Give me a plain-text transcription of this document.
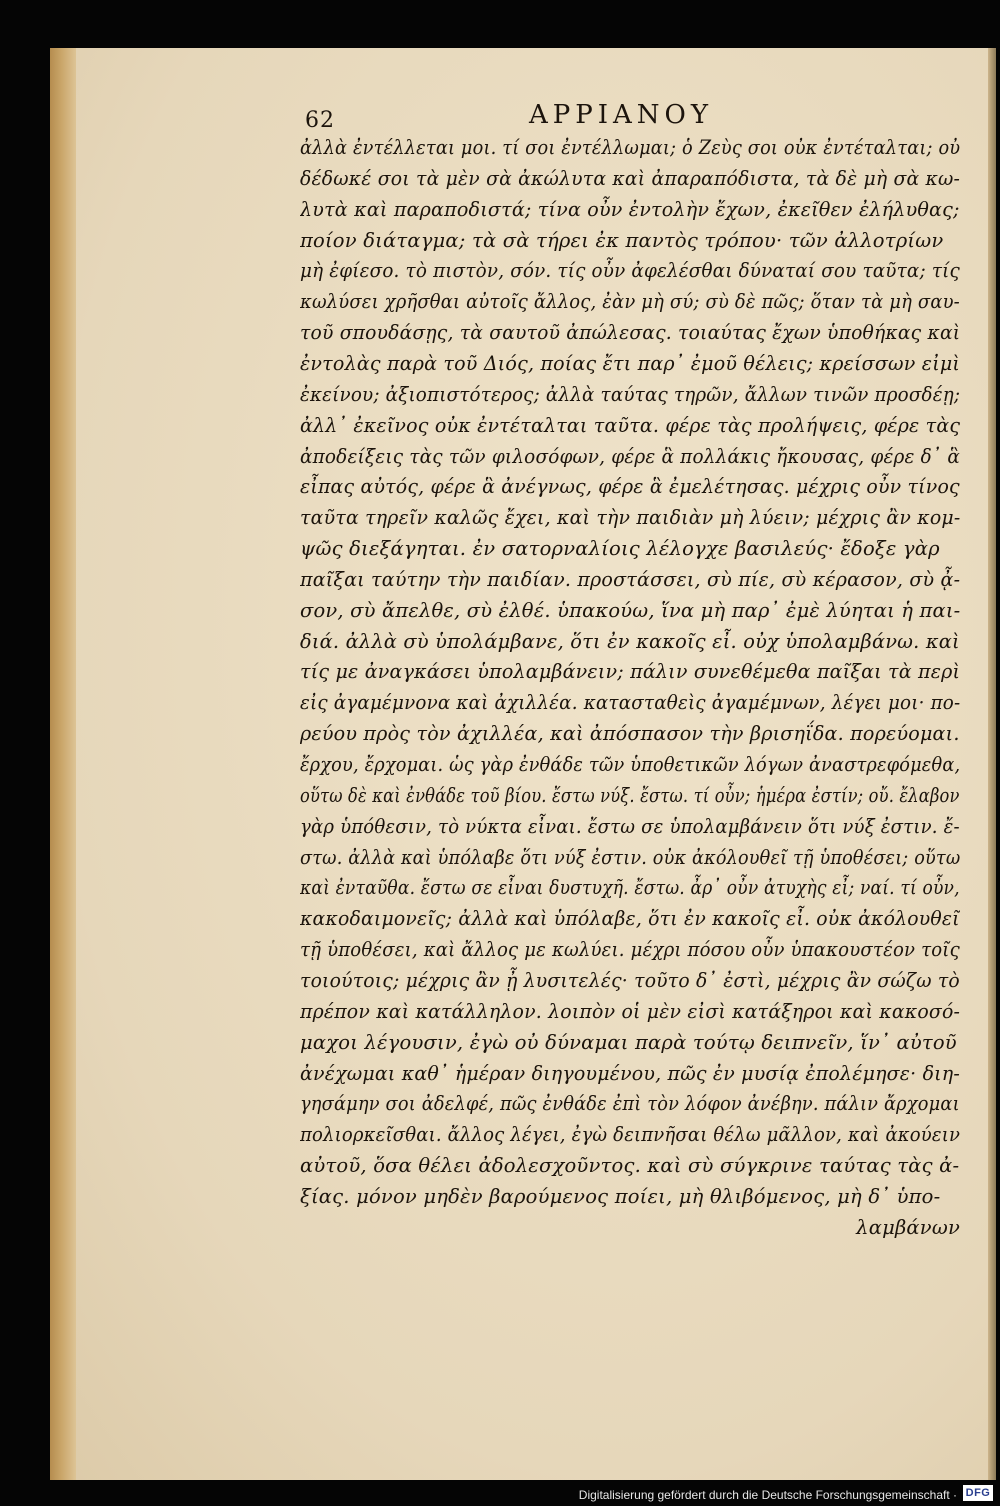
62	ΑΡΡΙΑΝΟΥ
ἀλλὰ ἐντέλλεται μοι. τί σοι ἐντέλλωμαι; ὁ Ζεὺς σοι οὐκ ἐντέταλται; οὐ
δέδωκέ σοι τὰ μὲν σὰ ἀκώλυτα καὶ ἀπαραπόδιστα, τὰ δὲ μὴ σὰ κω-
λυτὰ καὶ παραποδιστά; τίνα οὖν ἐντολὴν ἔχων, ἐκεῖθεν ἐλήλυθας;
ποίον διάταγμα; τὰ σὰ τήρει ἐκ παντὸς τρόπου· τῶν ἀλλοτρίων
μὴ ἐφίεσο. τὸ πιστὸν, σόν. τίς οὖν ἀφελέσθαι δύναταί σου ταῦτα; τίς
κωλύσει χρῆσθαι αὐτοῖς ἄλλος, ἐὰν μὴ σύ; σὺ δὲ πῶς; ὅταν τὰ μὴ σαυ-
τοῦ σπουδάσῃς, τὰ σαυτοῦ ἀπώλεσας. τοιαύτας ἔχων ὑποθήκας καὶ
ἐντολὰς παρὰ τοῦ Διός, ποίας ἔτι παρ᾽ ἐμοῦ θέλεις; κρείσσων εἰμὶ
ἐκείνου; ἀξιοπιστότερος; ἀλλὰ ταύτας τηρῶν, ἄλλων τινῶν προσδέῃ;
ἀλλ᾽ ἐκεῖνος οὐκ ἐντέταλται ταῦτα. φέρε τὰς προλήψεις, φέρε τὰς
ἀποδείξεις τὰς τῶν φιλοσόφων, φέρε ἃ πολλάκις ἤκουσας, φέρε δ᾽ ἃ
εἶπας αὐτός, φέρε ἃ ἀνέγνως, φέρε ἃ ἐμελέτησας. μέχρις οὖν τίνος
ταῦτα τηρεῖν καλῶς ἔχει, καὶ τὴν παιδιὰν μὴ λύειν; μέχρις ἂν κομ-
ψῶς διεξάγηται. ἐν σατορναλίοις λέλογχε βασιλεύς· ἔδοξε γὰρ
παῖξαι ταύτην τὴν παιδίαν. προστάσσει, σὺ πίε, σὺ κέρασον, σὺ ᾆ-
σον, σὺ ἄπελθε, σὺ ἐλθέ. ὑπακούω, ἵνα μὴ παρ᾽ ἐμὲ λύηται ἡ παι-
διά. ἀλλὰ σὺ ὑπολάμβανε, ὅτι ἐν κακοῖς εἶ. οὐχ ὑπολαμβάνω. καὶ
τίς με ἀναγκάσει ὑπολαμβάνειν; πάλιν συνεθέμεθα παῖξαι τὰ περὶ
εἰς ἀγαμέμνονα καὶ ἀχιλλέα. κατασταθεὶς ἀγαμέμνων, λέγει μοι· πο-
ρεύου πρὸς τὸν ἀχιλλέα, καὶ ἀπόσπασον τὴν βρισηΐδα. πορεύομαι.
ἔρχου, ἔρχομαι. ὡς γὰρ ἐνθάδε τῶν ὑποθετικῶν λόγων ἀναστρεφόμεθα,
οὕτω δὲ καὶ ἐνθάδε τοῦ βίου. ἔστω νύξ. ἔστω. τί οὖν; ἡμέρα ἐστίν; οὔ. ἔλαβον
γὰρ ὑπόθεσιν, τὸ νύκτα εἶναι. ἔστω σε ὑπολαμβάνειν ὅτι νύξ ἐστιν. ἔ-
στω. ἀλλὰ καὶ ὑπόλαβε ὅτι νύξ ἐστιν. οὐκ ἀκόλουθεῖ τῇ ὑποθέσει; οὕτω
καὶ ἐνταῦθα. ἔστω σε εἶναι δυστυχῆ. ἔστω. ἆρ᾽ οὖν ἀτυχὴς εἶ; ναί. τί οὖν,
κακοδαιμονεῖς; ἀλλὰ καὶ ὑπόλαβε, ὅτι ἐν κακοῖς εἶ. οὐκ ἀκόλουθεῖ
τῇ ὑποθέσει, καὶ ἄλλος με κωλύει. μέχρι πόσου οὖν ὑπακουστέον τοῖς
τοιούτοις; μέχρις ἂν ᾖ λυσιτελές· τοῦτο δ᾽ ἐστὶ, μέχρις ἂν σώζω τὸ
πρέπον καὶ κατάλληλον. λοιπὸν οἱ μὲν εἰσὶ κατάξηροι καὶ κακοσό-
μαχοι λέγουσιν, ἐγὼ οὐ δύναμαι παρὰ τούτῳ δειπνεῖν, ἵν᾽ αὐτοῦ
ἀνέχωμαι καθ᾽ ἡμέραν διηγουμένου, πῶς ἐν μυσίᾳ ἐπολέμησε· διη-
γησάμην σοι ἀδελφέ, πῶς ἐνθάδε ἐπὶ τὸν λόφον ἀνέβην. πάλιν ἄρχομαι
πολιορκεῖσθαι. ἄλλος λέγει, ἐγὼ δειπνῆσαι θέλω μᾶλλον, καὶ ἀκούειν
αὐτοῦ, ὅσα θέλει ἀδολεσχοῦντος. καὶ σὺ σύγκρινε ταύτας τὰς ἀ-
ξίας. μόνον μηδὲν βαρούμενος ποίει, μὴ θλιβόμενος, μὴ δ᾽ ὑπο-
λαμβάνων
Digitalisierung gefördert durch die Deutsche Forschungsgemeinschaft · DFG
